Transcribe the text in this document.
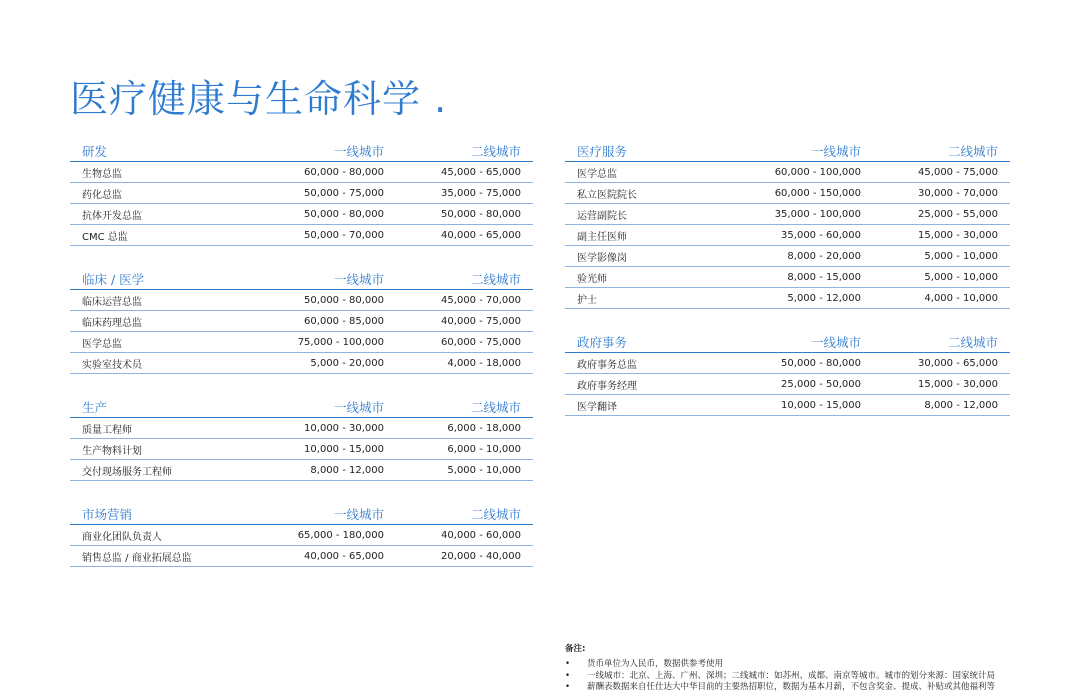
医疗健康与生命科学 .
研发	一线城市	二线城市
生物总监	60,000 - 80,000	45,000 - 65,000
药化总监	50,000 - 75,000	35,000 - 75,000
抗体开发总监	50,000 - 80,000	50,000 - 80,000
CMC 总监	50,000 - 70,000	40,000 - 65,000
临床 / 医学	一线城市	二线城市
临床运营总监	50,000 - 80,000	45,000 - 70,000
临床药理总监	60,000 - 85,000	40,000 - 75,000
医学总监	75,000 - 100,000	60,000 - 75,000
实验室技术员	5,000 - 20,000	4,000 - 18,000
生产	一线城市	二线城市
质量工程师	10,000 - 30,000	6,000 - 18,000
生产物料计划	10,000 - 15,000	6,000 - 10,000
交付现场服务工程师	8,000 - 12,000	5,000 - 10,000
市场营销	一线城市	二线城市
商业化团队负责人	65,000 - 180,000	40,000 - 60,000
销售总监 / 商业拓展总监	40,000 - 65,000	20,000 - 40,000
医疗服务	一线城市	二线城市
医学总监	60,000 - 100,000	45,000 - 75,000
私立医院院长	60,000 - 150,000	30,000 - 70,000
运营副院长	35,000 - 100,000	25,000 - 55,000
副主任医师	35,000 - 60,000	15,000 - 30,000
医学影像岗	8,000 - 20,000	5,000 - 10,000
验光师	8,000 - 15,000	5,000 - 10,000
护士	5,000 - 12,000	4,000 - 10,000
政府事务	一线城市	二线城市
政府事务总监	50,000 - 80,000	30,000 - 65,000
政府事务经理	25,000 - 50,000	15,000 - 30,000
医学翻译	10,000 - 15,000	8,000 - 12,000
备注:
• 货币单位为人民币，数据供参考使用
• 一线城市：北京、上海、广州、深圳；二线城市：如苏州、成都、南京等城市。城市的划分来源：国家统计局
• 薪酬表数据来自任仕达大中华目前的主要热招职位，数据为基本月薪，不包含奖金、提成、补贴或其他福利等
